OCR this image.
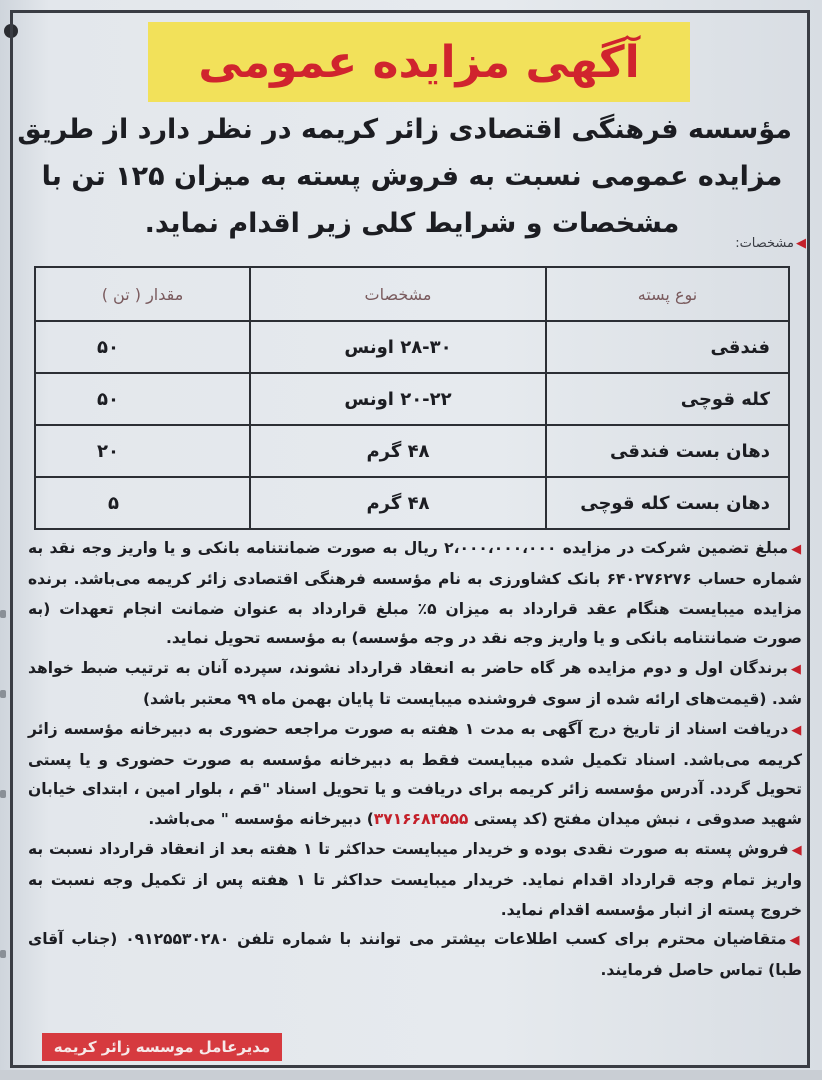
آگهی مزایده عمومی
مؤسسه فرهنگی اقتصادی زائر کریمه در نظر دارد از طریق
مزایده عمومی نسبت به فروش پسته به میزان ۱۲۵ تن با
مشخصات و شرایط کلی زیر اقدام نماید.
◀
مشخصات:
نوع پسته	مشخصات	مقدار ( تن )
فندقی	۲۸-۳۰ اونس	۵۰
کله قوچی	۲۰-۲۲ اونس	۵۰
دهان بست فندقی	۴۸ گرم	۲۰
دهان بست کله قوچی	۴۸ گرم	۵
◀مبلغ تضمین شرکت در مزایده ۲،۰۰۰،۰۰۰،۰۰۰ ریال به صورت ضمانتنامه بانکی و یا واریز وجه نقد به شماره حساب ۶۴۰۲۷۶۲۷۶ بانک کشاورزی به نام مؤسسه فرهنگی اقتصادی زائر کریمه می‌باشد. برنده مزایده میبایست هنگام عقد قرارداد به میزان ۵٪ مبلغ قرارداد به عنوان ضمانت انجام تعهدات (به صورت ضمانتنامه بانکی و یا واریز وجه نقد در وجه مؤسسه) به مؤسسه تحویل نماید.
◀برندگان اول و دوم مزایده هر گاه حاضر به انعقاد قرارداد نشوند، سپرده آنان به ترتیب ضبط خواهد شد. (قیمت‌های ارائه شده از سوی فروشنده میبایست تا پایان بهمن ماه ۹۹ معتبر باشد)
◀دریافت اسناد از تاریخ درج آگهی به مدت ۱ هفته به صورت مراجعه حضوری به دبیرخانه مؤسسه زائر کریمه می‌باشد. اسناد تکمیل شده میبایست فقط به دبیرخانه مؤسسه به صورت حضوری و یا پستی تحویل گردد. آدرس مؤسسه زائر کریمه برای دریافت و یا تحویل اسناد "قم ، بلوار امین ، ابتدای خیابان شهید صدوقی ، نبش میدان مفتح (کد پستی ۳۷۱۶۶۸۳۵۵۵) دبیرخانه مؤسسه " می‌باشد.
◀فروش پسته به صورت نقدی بوده و خریدار میبایست حداکثر تا ۱ هفته بعد از انعقاد قرارداد نسبت به واریز تمام وجه قرارداد اقدام نماید. خریدار میبایست حداکثر تا ۱ هفته پس از تکمیل وجه نسبت به خروج پسته از انبار مؤسسه اقدام نماید.
◀متقاضیان محترم برای کسب اطلاعات بیشتر می توانند با شماره تلفن ۰۹۱۲۵۵۳۰۲۸۰ (جناب آقای طبا) تماس حاصل فرمایند.
مدیرعامل موسسه زائر کریمه
